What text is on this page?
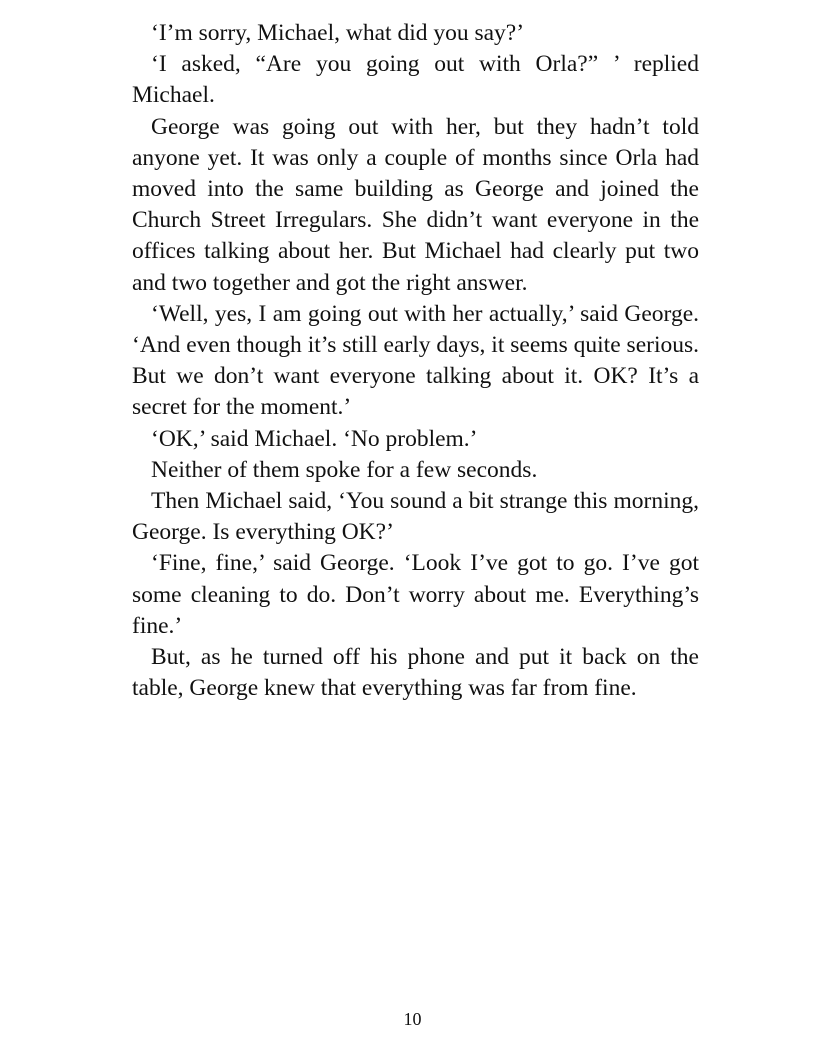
‘I’m sorry, Michael, what did you say?’

‘I asked, “Are you going out with Orla?” ’ replied Michael.

George was going out with her, but they hadn’t told anyone yet. It was only a couple of months since Orla had moved into the same building as George and joined the Church Street Irregulars. She didn’t want everyone in the offices talking about her. But Michael had clearly put two and two together and got the right answer.

‘Well, yes, I am going out with her actually,’ said George. ‘And even though it’s still early days, it seems quite serious. But we don’t want everyone talking about it. OK? It’s a secret for the moment.’

‘OK,’ said Michael. ‘No problem.’

Neither of them spoke for a few seconds.

Then Michael said, ‘You sound a bit strange this morning, George. Is everything OK?’

‘Fine, fine,’ said George. ‘Look I’ve got to go. I’ve got some cleaning to do. Don’t worry about me. Everything’s fine.’

But, as he turned off his phone and put it back on the table, George knew that everything was far from fine.

10
